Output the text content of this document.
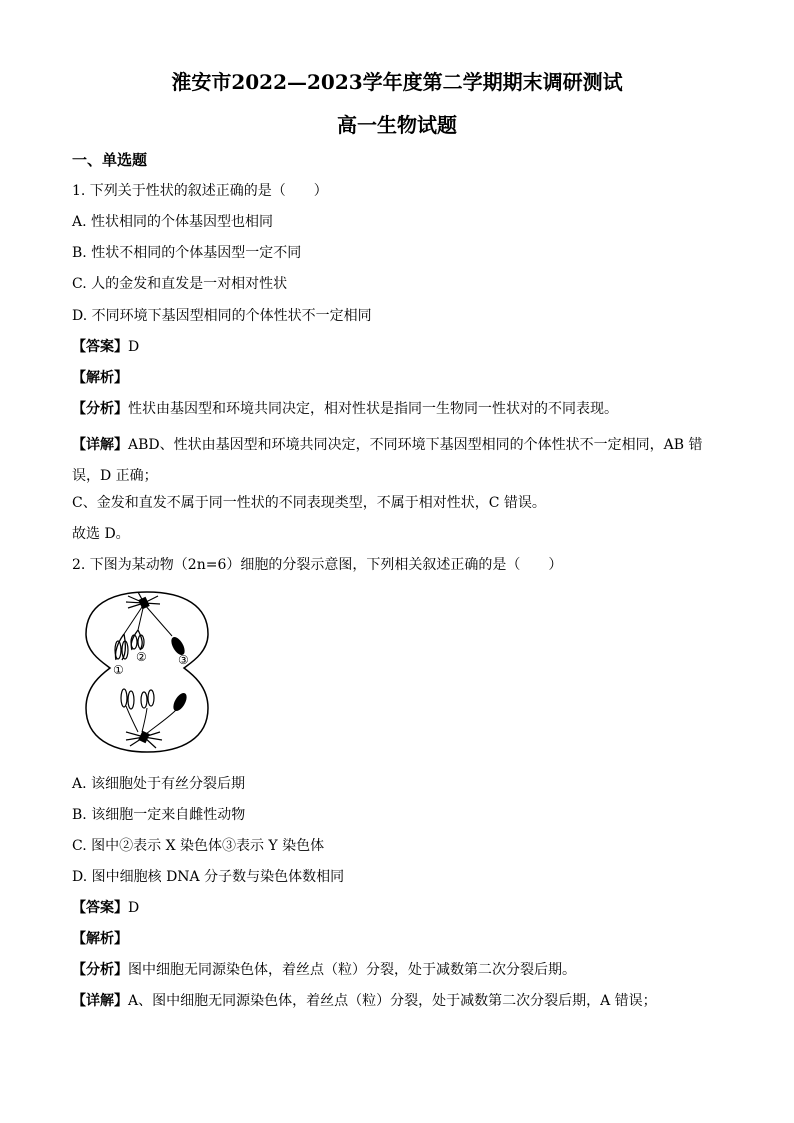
淮安市2022—2023学年度第二学期期末调研测试
高一生物试题
一、单选题
1. 下列关于性状的叙述正确的是（　　）
A. 性状相同的个体基因型也相同
B. 性状不相同的个体基因型一定不同
C. 人的金发和直发是一对相对性状
D. 不同环境下基因型相同的个体性状不一定相同
【答案】D
【解析】
【分析】性状由基因型和环境共同决定，相对性状是指同一生物同一性状对的不同表现。
【详解】ABD、性状由基因型和环境共同决定，不同环境下基因型相同的个体性状不一定相同，AB 错误，D 正确；
C、金发和直发不属于同一性状的不同表现类型，不属于相对性状，C 错误。
故选 D。
2. 下图为某动物（2n=6）细胞的分裂示意图，下列相关叙述正确的是（　　）
①
②	③
A. 该细胞处于有丝分裂后期
B. 该细胞一定来自雌性动物
C. 图中②表示 X 染色体③表示 Y 染色体
D. 图中细胞核 DNA 分子数与染色体数相同
【答案】D
【解析】
【分析】图中细胞无同源染色体，着丝点（粒）分裂，处于减数第二次分裂后期。
【详解】A、图中细胞无同源染色体，着丝点（粒）分裂，处于减数第二次分裂后期，A 错误；
